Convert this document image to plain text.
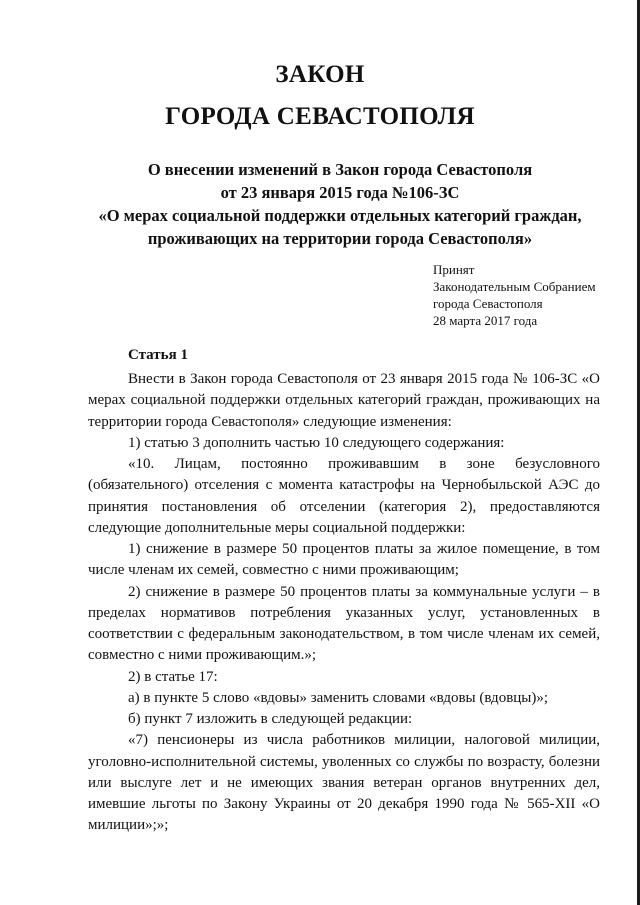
ЗАКОН
ГОРОДА СЕВАСТОПОЛЯ
О внесении изменений в Закон города Севастополя
от 23 января 2015 года №106-ЗС
«О мерах социальной поддержки отдельных категорий граждан,
проживающих на территории города Севастополя»
Принят
Законодательным Собранием
города Севастополя
28 марта 2017 года
Статья 1

Внести в Закон города Севастополя от 23 января 2015 года № 106-ЗС «О мерах социальной поддержки отдельных категорий граждан, проживающих на территории города Севастополя» следующие изменения:

1) статью 3 дополнить частью 10 следующего содержания:

«10. Лицам, постоянно проживавшим в зоне безусловного (обязательного) отселения с момента катастрофы на Чернобыльской АЭС до принятия постановления об отселении (категория 2), предоставляются следующие дополнительные меры социальной поддержки:

1) снижение в размере 50 процентов платы за жилое помещение, в том числе членам их семей, совместно с ними проживающим;

2) снижение в размере 50 процентов платы за коммунальные услуги – в пределах нормативов потребления указанных услуг, установленных в соответствии с федеральным законодательством, в том числе членам их семей, совместно с ними проживающим.»;

2) в статье 17:

а) в пункте 5 слово «вдовы» заменить словами «вдовы (вдовцы)»;

б) пункт 7 изложить в следующей редакции:

«7) пенсионеры из числа работников милиции, налоговой милиции, уголовно-исполнительной системы, уволенных со службы по возрасту, болезни или выслуге лет и не имеющих звания ветеран органов внутренних дел, имевшие льготы по Закону Украины от 20 декабря 1990 года № 565-XII «О милиции»;»;
